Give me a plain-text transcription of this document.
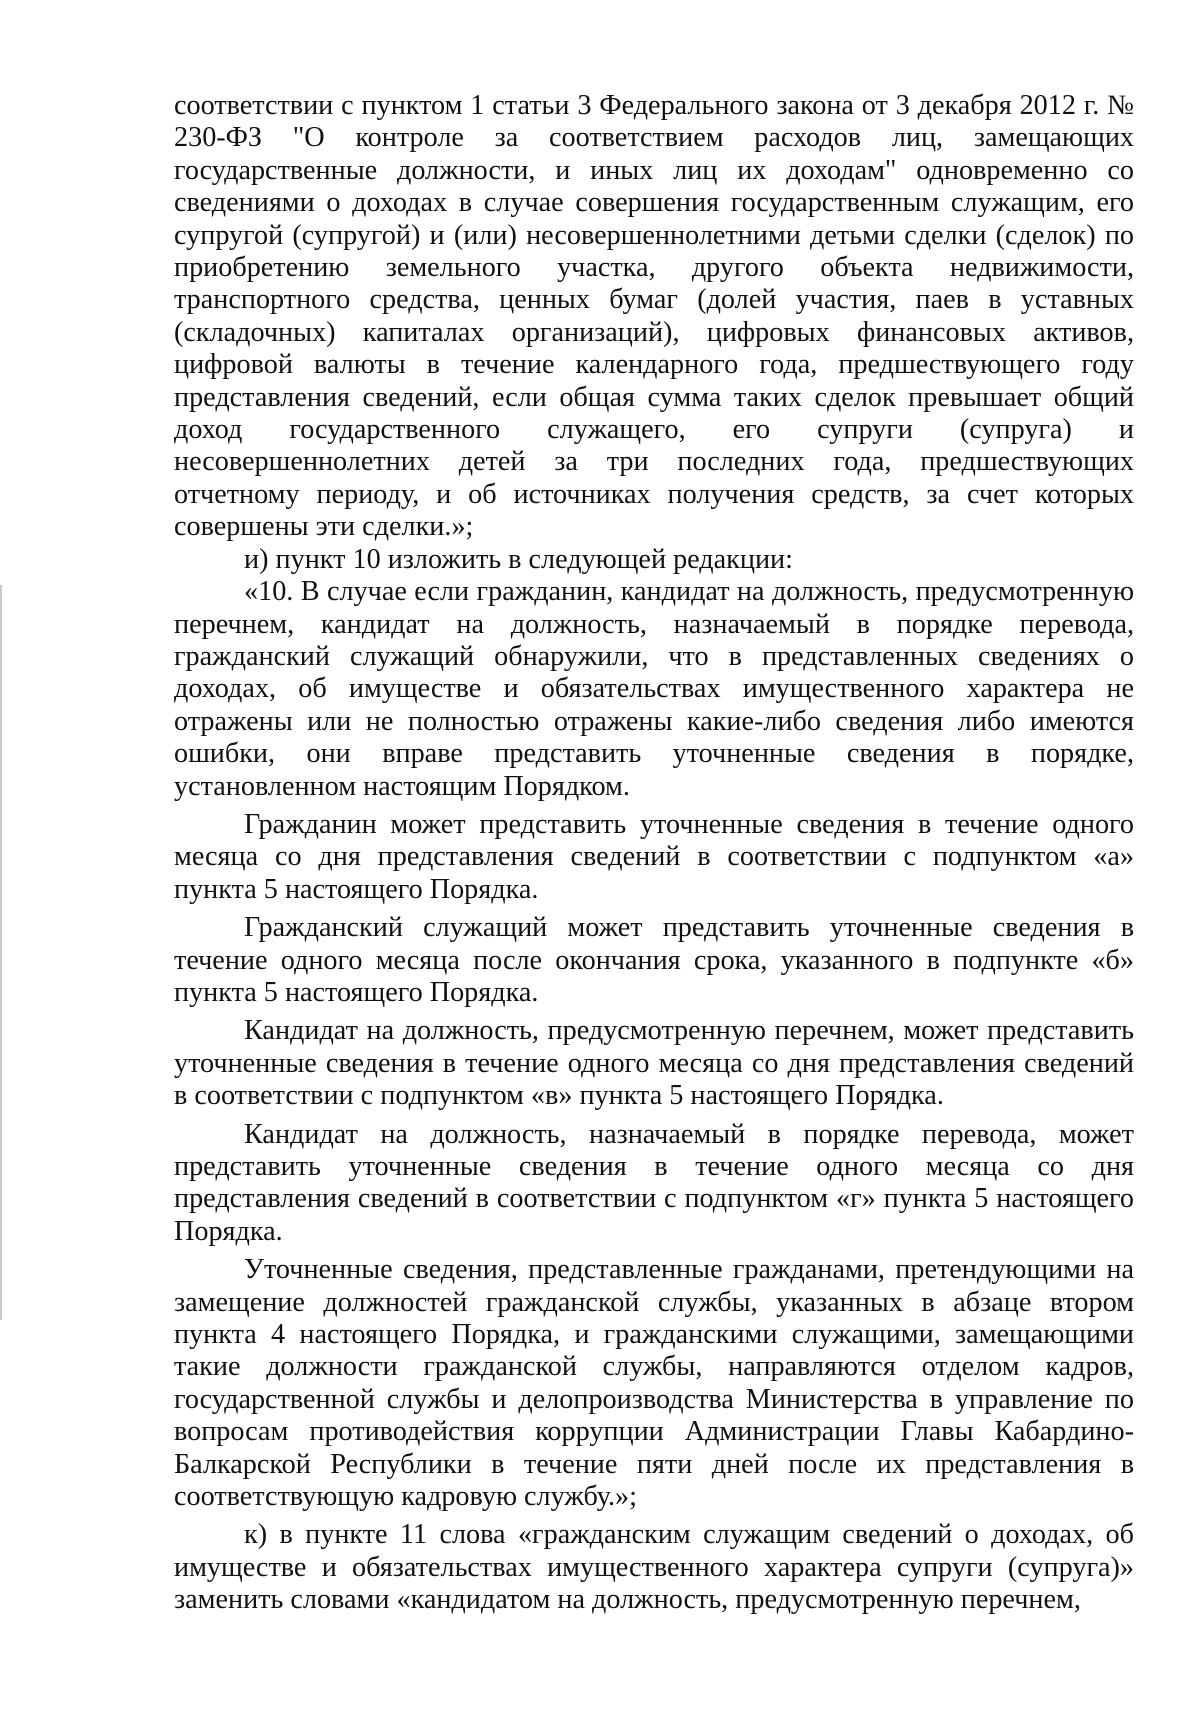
соответствии с пунктом 1 статьи 3 Федерального закона от 3 декабря 2012 г. № 230-ФЗ "О контроле за соответствием расходов лиц, замещающих государственные должности, и иных лиц их доходам" одновременно со сведениями о доходах в случае совершения государственным служащим, его супругой (супругой) и (или) несовершеннолетними детьми сделки (сделок) по приобретению земельного участка, другого объекта недвижимости, транспортного средства, ценных бумаг (долей участия, паев в уставных (складочных) капиталах организаций), цифровых финансовых активов, цифровой валюты в течение календарного года, предшествующего году представления сведений, если общая сумма таких сделок превышает общий доход государственного служащего, его супруги (супруга) и несовершеннолетних детей за три последних года, предшествующих отчетному периоду, и об источниках получения средств, за счет которых совершены эти сделки.»;

и) пункт 10 изложить в следующей редакции:

«10. В случае если гражданин, кандидат на должность, предусмотренную перечнем, кандидат на должность, назначаемый в порядке перевода, гражданский служащий обнаружили, что в представленных сведениях о доходах, об имуществе и обязательствах имущественного характера не отражены или не полностью отражены какие-либо сведения либо имеются ошибки, они вправе представить уточненные сведения в порядке, установленном настоящим Порядком.

Гражданин может представить уточненные сведения в течение одного месяца со дня представления сведений в соответствии с подпунктом «а» пункта 5 настоящего Порядка.

Гражданский служащий может представить уточненные сведения в течение одного месяца после окончания срока, указанного в подпункте «б» пункта 5 настоящего Порядка.

Кандидат на должность, предусмотренную перечнем, может представить уточненные сведения в течение одного месяца со дня представления сведений в соответствии с подпунктом «в» пункта 5 настоящего Порядка.

Кандидат на должность, назначаемый в порядке перевода, может представить уточненные сведения в течение одного месяца со дня представления сведений в соответствии с подпунктом «г» пункта 5 настоящего Порядка.

Уточненные сведения, представленные гражданами, претендующими на замещение должностей гражданской службы, указанных в абзаце втором пункта 4 настоящего Порядка, и гражданскими служащими, замещающими такие должности гражданской службы, направляются отделом кадров, государственной службы и делопроизводства Министерства в управление по вопросам противодействия коррупции Администрации Главы Кабардино-Балкарской Республики в течение пяти дней после их представления в соответствующую кадровую службу.»;

к) в пункте 11 слова «гражданским служащим сведений о доходах, об имуществе и обязательствах имущественного характера супруги (супруга)» заменить словами «кандидатом на должность, предусмотренную перечнем,
